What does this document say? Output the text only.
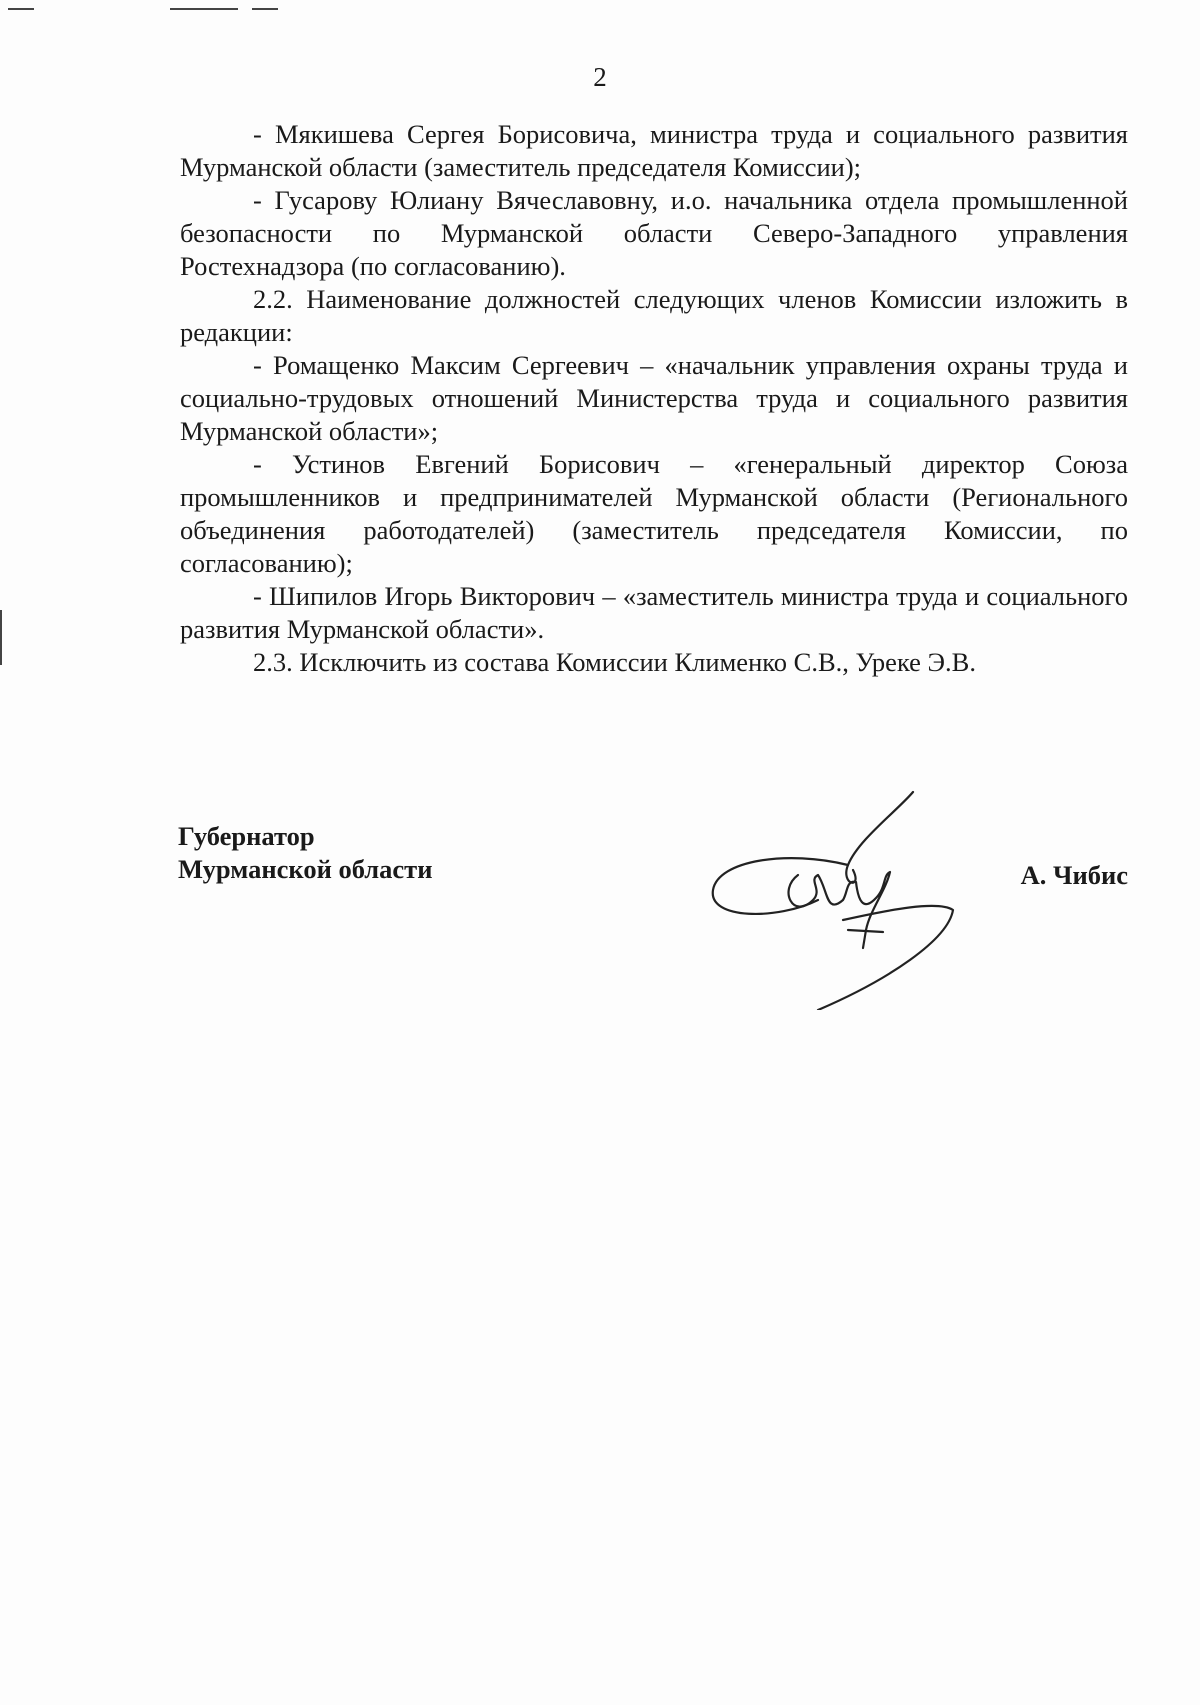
2

- Мякишева Сергея Борисовича, министра труда и социального развития Мурманской области (заместитель председателя Комиссии);

- Гусарову Юлиану Вячеславовну, и.о. начальника отдела промышленной безопасности по Мурманской области Северо-Западного управления Ростехнадзора (по согласованию).

2.2. Наименование должностей следующих членов Комиссии изложить в редакции:

- Ромащенко Максим Сергеевич – «начальник управления охраны труда и социально-трудовых отношений Министерства труда и социального развития Мурманской области»;

- Устинов Евгений Борисович – «генеральный директор Союза промышленников и предпринимателей Мурманской области (Регионального объединения работодателей) (заместитель председателя Комиссии, по согласованию);

- Шипилов Игорь Викторович – «заместитель министра труда и социального развития Мурманской области».

2.3. Исключить из состава Комиссии Клименко С.В., Уреке Э.В.

Губернатор
Мурманской области	А. Чибис
